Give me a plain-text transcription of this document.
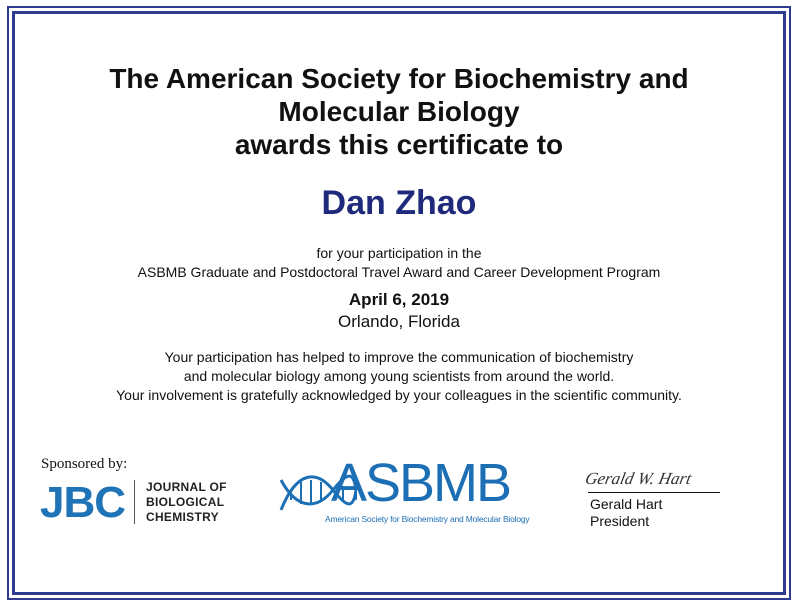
The American Society for Biochemistry and
Molecular Biology
awards this certificate to
Dan Zhao
for your participation in the
ASBMB Graduate and Postdoctoral Travel Award and Career Development Program
April 6, 2019
Orlando, Florida
Your participation has helped to improve the communication of biochemistry
and molecular biology among young scientists from around the world.
Your involvement is gratefully acknowledged by your colleagues in the scientific community.
Sponsored by:
JBC JOURNAL OF
BIOLOGICAL
CHEMISTRY
ASBMB
American Society for Biochemistry and Molecular Biology
Gerald W. Hart
Gerald Hart
President
